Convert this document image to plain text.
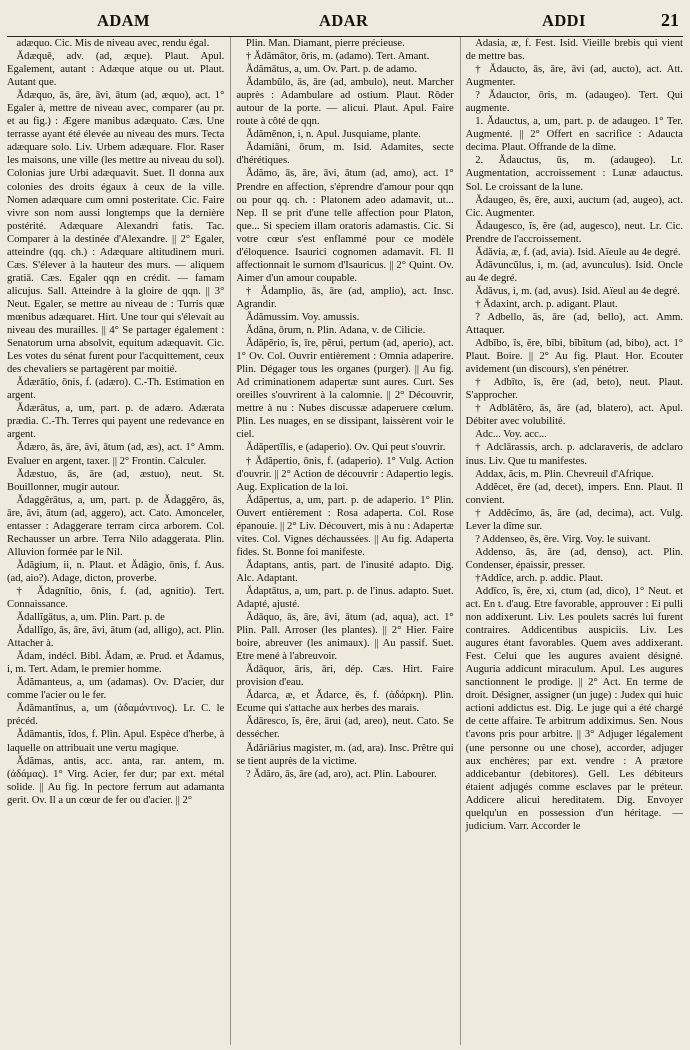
ADAM	ADAR	ADDI	21

adæquo. Cic. Mis de niveau avec, rendu égal.

Ădæquē, adv. (ad, æque). Plaut. Apul. Egalement, autant : Adæque atque ou ut. Plaut. Autant que.

Ădæquo, ās, āre, āvi, ātum (ad, æquo), act. 1° Egaler à, mettre de niveau avec, comparer (au pr. et au fig.) : Ægere manibus adæquato. Cæs. Une terrasse ayant été élevée au niveau des murs. Tecta adæquare solo. Liv. Urbem adæquare. Flor. Raser les maisons, une ville (les mettre au niveau du sol). Colonias jure Urbi adæquavit. Suet. Il donna aux colonies des droits égaux à ceux de la ville. Nomen adæquare cum omni posteritate. Cic. Faire vivre son nom aussi longtemps que la dernière postérité. Adæquare Alexandri fatis. Tac. Comparer à la destinée d'Alexandre. || 2° Egaler, atteindre (qq. ch.) : Adæquare altitudinem muri. Cæs. S'élever à la hauteur des murs. — aliquem gratiā. Cæs. Egaler qqn en crédit. — famam alicujus. Sall. Atteindre à la gloire de qqn. || 3° Neut. Egaler, se mettre au niveau de : Turris quæ mœnibus adæquaret. Hirt. Une tour qui s'élevait au niveau des murailles. || 4° Se partager également : Senatorum urna absolvit, equitum adæquavit. Cic. Les votes du sénat furent pour l'acquittement, ceux des chevaliers se partagèrent par moitié.

Ădærātio, ōnis, f. (adæro). C.-Th. Estimation en argent.

Ădærātus, a, um, part. p. de adæro. Adærata prædia. C.-Th. Terres qui payent une redevance en argent.

Ădæro, ās, āre, āvi, ātum (ad, æs), act. 1° Amm. Evaluer en argent, taxer. || 2° Frontin. Calculer.

Ădæstuo, ās, āre (ad, æstuo), neut. St. Bouillonner, mugir autour.

Ădaggĕrātus, a, um, part. p. de Ădaggĕro, ās, āre, āvi, ātum (ad, aggero), act. Cato. Amonceler, entasser : Adaggerare terram circa arborem. Col. Rechausser un arbre. Terra Nilo adaggerata. Plin. Alluvion formée par le Nil.

Ădăgium, ii, n. Plaut. et Ădăgio, ōnis, f. Aus. (ad, aio?). Adage, dicton, proverbe.

† Ădagnĭtio, ōnis, f. (ad, agnitio). Tert. Connaissance.

Ădallĭgātus, a, um. Plin. Part. p. de

Ădallĭgo, ās, āre, āvi, ātum (ad, alligo), act. Plin. Attacher à.

Ădam, indécl. Bibl. Ădam, æ. Prud. et Ădamus, i, m. Tert. Adam, le premier homme.

Ădămanteus, a, um (adamas). Ov. D'acier, dur comme l'acier ou le fer.

Ădămantĭnus, a, um (ἀδαμάντινος). Lr. C. le précéd.

Ădămantis, ĭdos, f. Plin. Apul. Espèce d'herbe, à laquelle on attribuait une vertu magique.

Ădămas, antis, acc. anta, rar. antem, m. (ἀδάμας). 1° Virg. Acier, fer dur; par ext. métal solide. || Au fig. In pectore ferrum aut adamanta gerit. Ov. Il a un cœur de fer ou d'acier. || 2°

Plin. Man. Diamant, pierre précieuse.

† Ădămātor, ōris, m. (adamo). Tert. Amant.

Ădămātus, a, um. Ov. Part. p. de adamo.

Ădambŭlo, ās, āre (ad, ambulo), neut. Marcher auprès : Adambulare ad ostium. Plaut. Rôder autour de la porte. — alicui. Plaut. Apul. Faire route à côté de qqn.

Ădămĕnon, i, n. Apul. Jusquiame, plante.

Ădamiāni, ōrum, m. Isid. Adamites, secte d'hérétiques.

Ădămo, ās, āre, āvi, ātum (ad, amo), act. 1° Prendre en affection, s'éprendre d'amour pour qqn ou pour qq. ch. : Platonem adeo adamavit, ut... Nep. Il se prit d'une telle affection pour Platon, que... Si speciem illam oratoris adamastis. Cic. Si votre cœur s'est enflammé pour ce modèle d'éloquence. Isaurici cognomen adamavit. Fl. Il affectionnait le surnom d'Isauricus. || 2° Quint. Ov. Aimer d'un amour coupable.

† Ădamplio, ās, āre (ad, amplio), act. Insc. Agrandir.

Ădămussim. Voy. amussis.

Ădăna, ōrum, n. Plin. Adana, v. de Cilicie.

Ădăpĕrio, ĭs, īre, pĕrui, pertum (ad, aperio), act. 1° Ov. Col. Ouvrir entièrement : Omnia adaperire. Plin. Dégager tous les organes (purger). || Au fig. Ad criminationem adapertæ sunt aures. Curt. Ses oreilles s'ouvrirent à la calomnie. || 2° Découvrir, mettre à nu : Nubes discussæ adaperuere cœlum. Plin. Les nuages, en se dissipant, laissèrent voir le ciel.

Ădăpertĭlis, e (adaperio). Ov. Qui peut s'ouvrir.

† Ădăpertio, ōnis, f. (adaperio). 1° Vulg. Action d'ouvrir. || 2° Action de découvrir : Adapertio legis. Aug. Explication de la loi.

Ădăpertus, a, um, part. p. de adaperio. 1° Plin. Ouvert entièrement : Rosa adaperta. Col. Rose épanouie. || 2° Liv. Découvert, mis à nu : Adapertæ vites. Col. Vignes déchaussées. || Au fig. Adaperta fides. St. Bonne foi manifeste.

Ădaptans, antis, part. de l'inusité adapto. Dig. Alc. Adaptant.

Ădaptātus, a, um, part. p. de l'inus. adapto. Suet. Adapté, ajusté.

Ădāquo, ās, āre, āvi, ātum (ad, aqua), act. 1° Plin. Pall. Arroser (les plantes). || 2° Hier. Faire boire, abreuver (les animaux). || Au passif. Suet. Etre mené à l'abreuvoir.

Ădāquor, āris, āri, dép. Cæs. Hirt. Faire provision d'eau.

Ădarca, æ, et Ădarce, ēs, f. (ἀδάρκη). Plin. Ecume qui s'attache aux herbes des marais.

Ădāresco, ĭs, ĕre, ārui (ad, areo), neut. Cato. Se dessécher.

Ădăriārius magister, m. (ad, ara). Insc. Prêtre qui se tient auprès de la victime.

? Ădăro, ās, āre (ad, aro), act. Plin. Labourer.

Adasia, æ, f. Fest. Isid. Vieille brebis qui vient de mettre bas.

† Ădaucto, ās, āre, āvi (ad, aucto), act. Att. Augmenter.

? Ădauctor, ōris, m. (adaugeo). Tert. Qui augmente.

1. Ădauctus, a, um, part. p. de adaugeo. 1° Ter. Augmenté. || 2° Offert en sacrifice : Adaucta decima. Plaut. Offrande de la dîme.

2. Ădauctus, ūs, m. (adaugeo). Lr. Augmentation, accroissement : Lunæ adauctus. Sol. Le croissant de la lune.

Ădaugeo, ēs, ēre, auxi, auctum (ad, augeo), act. Cic. Augmenter.

Ădaugesco, ĭs, ĕre (ad, augesco), neut. Lr. Cic. Prendre de l'accroissement.

Ădăvia, æ, f. (ad, avia). Isid. Aïeule au 4e degré.

Ădăvuncŭlus, i, m. (ad, avunculus). Isid. Oncle au 4e degré.

Ădăvus, i, m. (ad, avus). Isid. Aïeul au 4e degré.

† Ădaxint, arch. p. adigant. Plaut.

? Adbello, ās, āre (ad, bello), act. Amm. Attaquer.

Adbĭbo, ĭs, ĕre, bĭbi, bĭbĭtum (ad, bibo), act. 1° Plaut. Boire. || 2° Au fig. Plaut. Hor. Ecouter avidement (un discours), s'en pénétrer.

† Adbīto, ĭs, ĕre (ad, beto), neut. Plaut. S'approcher.

† Adblătĕro, ās, āre (ad, blatero), act. Apul. Débiter avec volubilité.

Adc... Voy. acc...

† Adclārassis, arch. p. adclaraveris, de adclaro inus. Liv. Que tu manifestes.

Addax, ăcis, m. Plin. Chevreuil d'Afrique.

Addĕcet, ēre (ad, decet), impers. Enn. Plaut. Il convient.

† Addĕcĭmo, ās, āre (ad, decima), act. Vulg. Lever la dîme sur.

? Addenseo, ēs, ēre. Virg. Voy. le suivant.

Addenso, ās, āre (ad, denso), act. Plin. Condenser, épaissir, presser.

†Addĭce, arch. p. addic. Plaut.

Addīco, ĭs, ĕre, xi, ctum (ad, dico), 1° Neut. et act. En t. d'aug. Etre favorable, approuver : Ei pulli non addixerunt. Liv. Les poulets sacrés lui furent contraires. Addicentibus auspiciis. Liv. Les augures étant favorables. Quem aves addixerant. Fest. Celui que les augures avaient désigné. Auguria addicunt miraculum. Apul. Les augures sanctionnent le prodige. || 2° Act. En terme de droit. Désigner, assigner (un juge) : Judex qui huic actioni addictus est. Dig. Le juge qui a été chargé de cette affaire. Te arbitrum addiximus. Sen. Nous t'avons pris pour arbitre. || 3° Adjuger légalement (une personne ou une chose), accorder, adjuger aux enchères; par ext. vendre : A prætore addicebantur (debitores). Gell. Les débiteurs étaient adjugés comme esclaves par le préteur. Addicere alicui hereditatem. Dig. Envoyer quelqu'un en possession d'un héritage. — judicium. Varr. Accorder le
